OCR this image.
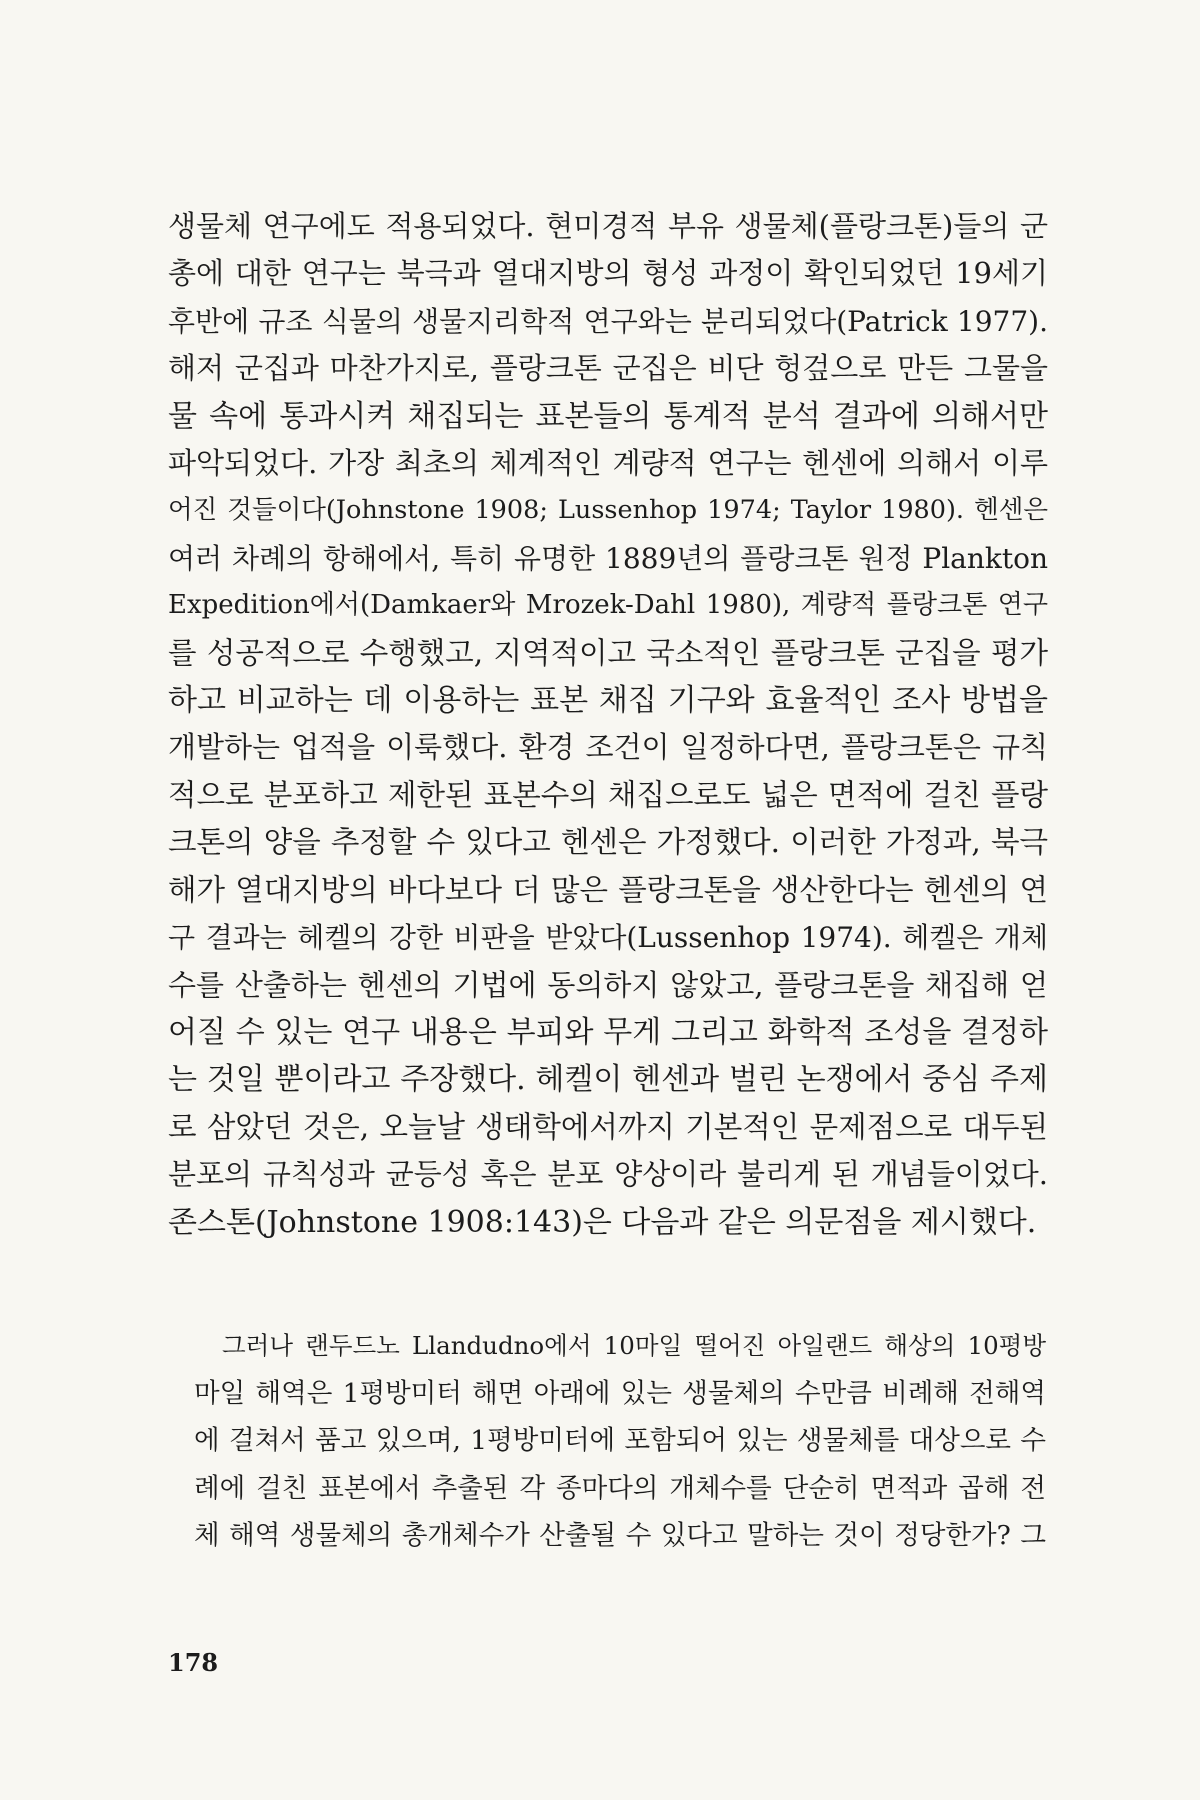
생물체 연구에도 적용되었다. 현미경적 부유 생물체(플랑크톤)들의 군
총에 대한 연구는 북극과 열대지방의 형성 과정이 확인되었던 19세기
후반에 규조 식물의 생물지리학적 연구와는 분리되었다(Patrick 1977).
해저 군집과 마찬가지로, 플랑크톤 군집은 비단 헝겊으로 만든 그물을
물 속에 통과시켜 채집되는 표본들의 통계적 분석 결과에 의해서만
파악되었다. 가장 최초의 체계적인 계량적 연구는 헨센에 의해서 이루
어진 것들이다(Johnstone 1908; Lussenhop 1974; Taylor 1980). 헨센은
여러 차례의 항해에서, 특히 유명한 1889년의 플랑크톤 원정 Plankton
Expedition에서(Damkaer와 Mrozek-Dahl 1980), 계량적 플랑크톤 연구
를 성공적으로 수행했고, 지역적이고 국소적인 플랑크톤 군집을 평가
하고 비교하는 데 이용하는 표본 채집 기구와 효율적인 조사 방법을
개발하는 업적을 이룩했다. 환경 조건이 일정하다면, 플랑크톤은 규칙
적으로 분포하고 제한된 표본수의 채집으로도 넓은 면적에 걸친 플랑
크톤의 양을 추정할 수 있다고 헨센은 가정했다. 이러한 가정과, 북극
해가 열대지방의 바다보다 더 많은 플랑크톤을 생산한다는 헨센의 연
구 결과는 헤켈의 강한 비판을 받았다(Lussenhop 1974). 헤켈은 개체
수를 산출하는 헨센의 기법에 동의하지 않았고, 플랑크톤을 채집해 얻
어질 수 있는 연구 내용은 부피와 무게 그리고 화학적 조성을 결정하
는 것일 뿐이라고 주장했다. 헤켈이 헨센과 벌린 논쟁에서 중심 주제
로 삼았던 것은, 오늘날 생태학에서까지 기본적인 문제점으로 대두된
분포의 규칙성과 균등성 혹은 분포 양상이라 불리게 된 개념들이었다.
존스톤(Johnstone 1908:143)은 다음과 같은 의문점을 제시했다.
그러나 랜두드노 Llandudno에서 10마일 떨어진 아일랜드 해상의 10평방
마일 해역은 1평방미터 해면 아래에 있는 생물체의 수만큼 비례해 전해역
에 걸쳐서 품고 있으며, 1평방미터에 포함되어 있는 생물체를 대상으로 수
례에 걸친 표본에서 추출된 각 종마다의 개체수를 단순히 면적과 곱해 전
체 해역 생물체의 총개체수가 산출될 수 있다고 말하는 것이 정당한가? 그
178
